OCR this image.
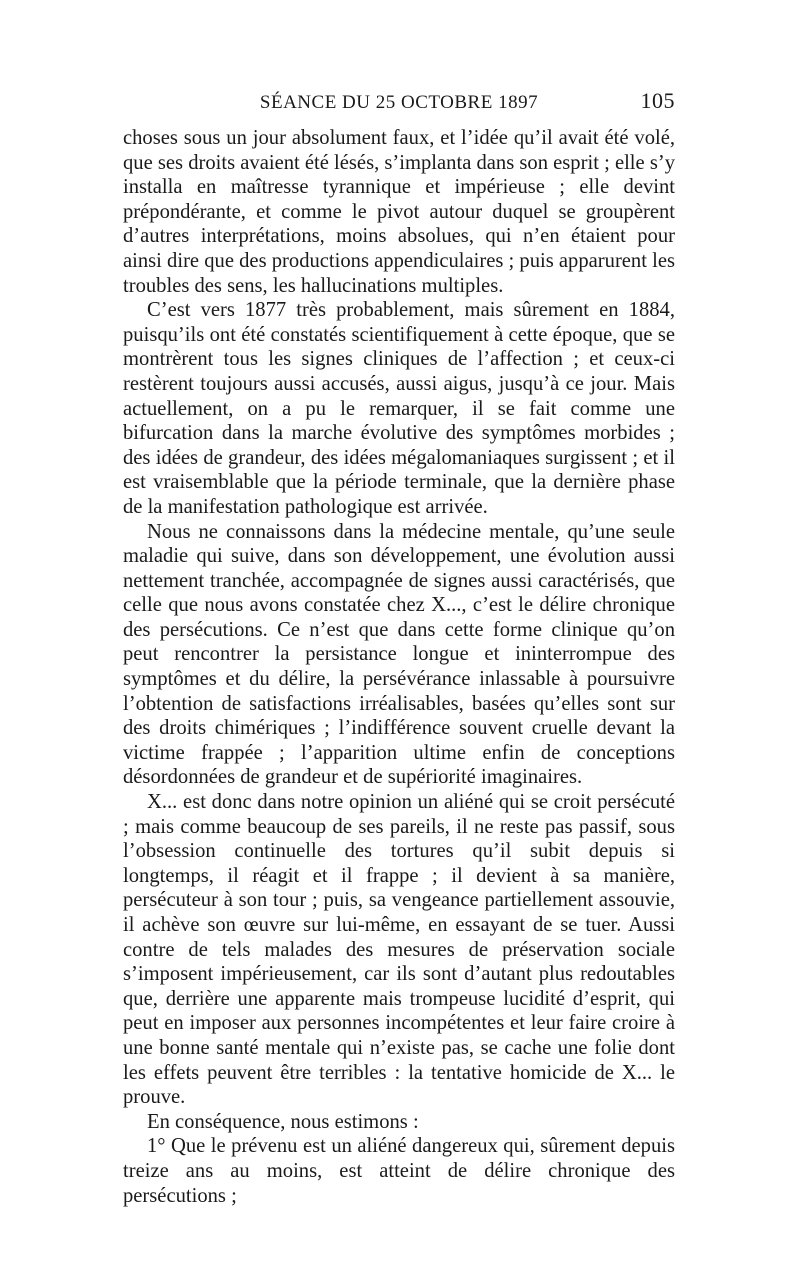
SÉANCE DU 25 OCTOBRE 1897	105

choses sous un jour absolument faux, et l’idée qu’il avait été volé, que ses droits avaient été lésés, s’implanta dans son esprit ; elle s’y installa en maîtresse tyrannique et impérieuse ; elle devint prépondérante, et comme le pivot autour duquel se groupèrent d’autres interprétations, moins absolues, qui n’en étaient pour ainsi dire que des productions appendiculaires ; puis apparurent les troubles des sens, les hallucinations multiples.

C’est vers 1877 très probablement, mais sûrement en 1884, puisqu’ils ont été constatés scientifiquement à cette époque, que se montrèrent tous les signes cliniques de l’affection ; et ceux-ci restèrent toujours aussi accusés, aussi aigus, jusqu’à ce jour. Mais actuellement, on a pu le remarquer, il se fait comme une bifurcation dans la marche évolutive des symptômes morbides ; des idées de grandeur, des idées mégalomaniaques surgissent ; et il est vraisemblable que la période terminale, que la dernière phase de la manifestation pathologique est arrivée.

Nous ne connaissons dans la médecine mentale, qu’une seule maladie qui suive, dans son développement, une évolution aussi nettement tranchée, accompagnée de signes aussi caractérisés, que celle que nous avons constatée chez X..., c’est le délire chronique des persécutions. Ce n’est que dans cette forme clinique qu’on peut rencontrer la persistance longue et ininterrompue des symptômes et du délire, la persévérance inlassable à poursuivre l’obtention de satisfactions irréalisables, basées qu’elles sont sur des droits chimériques ; l’indifférence souvent cruelle devant la victime frappée ; l’apparition ultime enfin de conceptions désordonnées de grandeur et de supériorité imaginaires.

X... est donc dans notre opinion un aliéné qui se croit persécuté ; mais comme beaucoup de ses pareils, il ne reste pas passif, sous l’obsession continuelle des tortures qu’il subit depuis si longtemps, il réagit et il frappe ; il devient à sa manière, persécuteur à son tour ; puis, sa vengeance partiellement assouvie, il achève son œuvre sur lui-même, en essayant de se tuer. Aussi contre de tels malades des mesures de préservation sociale s’imposent impérieusement, car ils sont d’autant plus redoutables que, derrière une apparente mais trompeuse lucidité d’esprit, qui peut en imposer aux personnes incompétentes et leur faire croire à une bonne santé mentale qui n’existe pas, se cache une folie dont les effets peuvent être terribles : la tentative homicide de X... le prouve.

En conséquence, nous estimons :

1° Que le prévenu est un aliéné dangereux qui, sûrement depuis treize ans au moins, est atteint de délire chronique des persécutions ;
